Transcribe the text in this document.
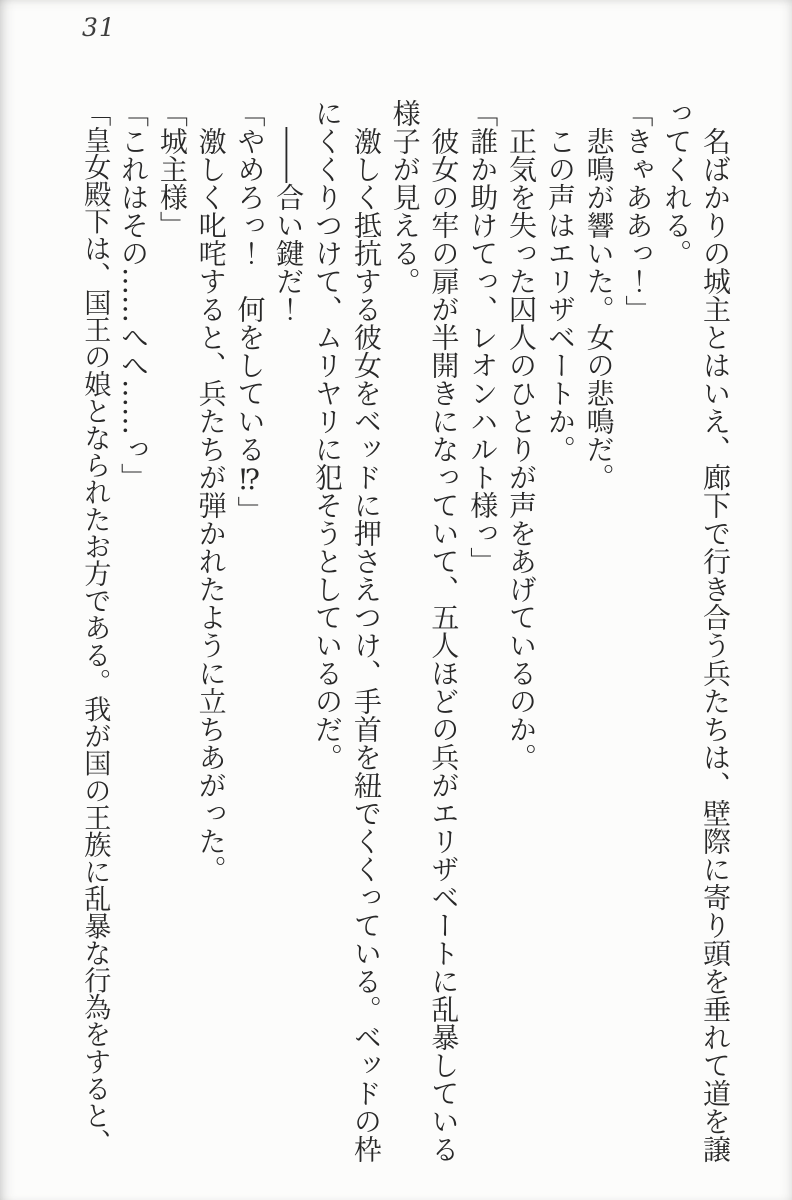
31

名ばかりの城主とはいえ、廊下で行き合う兵たちは、壁際に寄り頭を垂れて道を譲ってくれる。

「きゃああっ！」

悲鳴が響いた。女の悲鳴だ。

この声はエリザベートか。

正気を失った囚人のひとりが声をあげているのか。

「誰か助けてっ、レオンハルト様っ」

彼女の牢の扉が半開きになっていて、五人ほどの兵がエリザベートに乱暴している様子が見える。

激しく抵抗する彼女をベッドに押さえつけ、手首を紐でくくっている。ベッドの枠にくくりつけて、ムリヤリに犯そうとしているのだ。

――合い鍵だ！

「やめろっ！　何をしている⁉」

激しく叱咤すると、兵たちが弾かれたように立ちあがった。

「城主様」

「これはその……へへ……っ」

「皇女殿下は、国王の娘となられたお方である。我が国の王族に乱暴な行為をすると、
